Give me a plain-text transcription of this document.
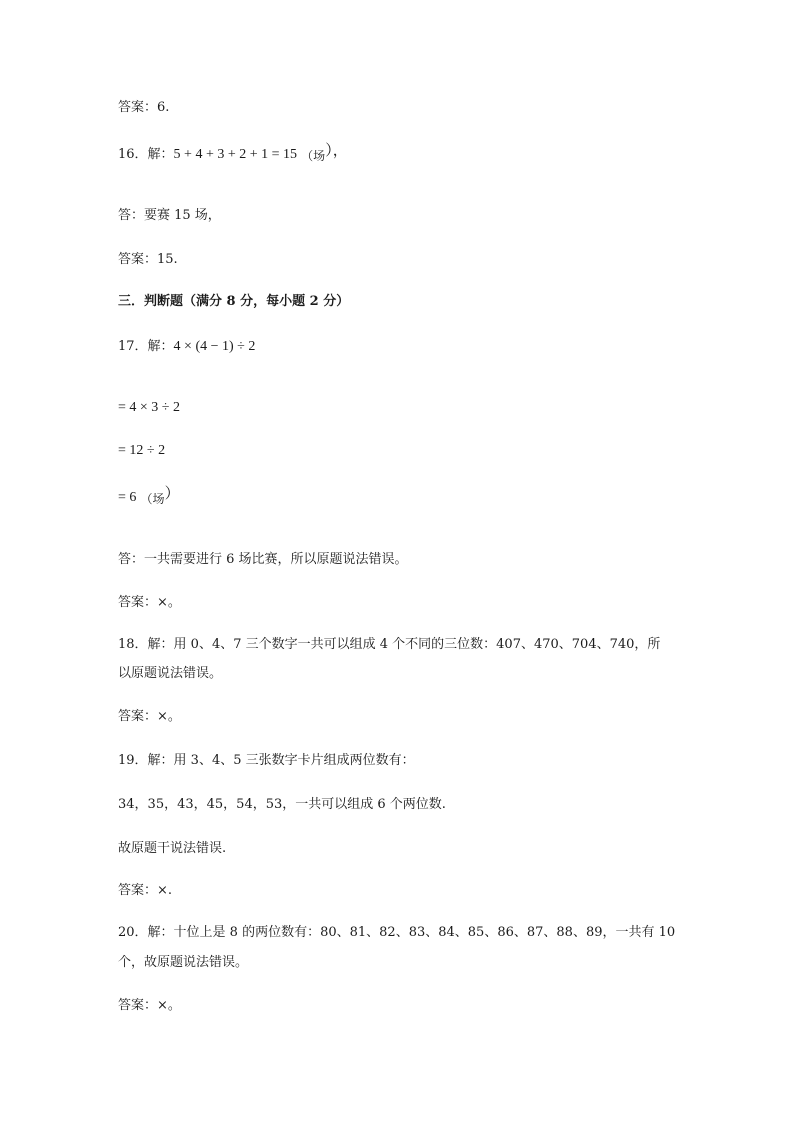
答案：6.
16．解：5 + 4 + 3 + 2 + 1 = 15 （场），
答：要赛 15 场，
答案：15.
三．判断题（满分 8 分，每小题 2 分）
17．解：4 × (4 − 1) ÷ 2
= 4 × 3 ÷ 2
= 12 ÷ 2
= 6 （场）
答：一共需要进行 6 场比赛，所以原题说法错误。
答案：×。
18．解：用 0、4、7 三个数字一共可以组成 4 个不同的三位数：407、470、704、740，所
以原题说法错误。
答案：×。
19．解：用 3、4、5 三张数字卡片组成两位数有：
34，35，43，45，54，53，一共可以组成 6 个两位数.
故原题干说法错误.
答案：×.
20．解：十位上是 8 的两位数有：80、81、82、83、84、85、86、87、88、89，一共有 10
个，故原题说法错误。
答案：×。
